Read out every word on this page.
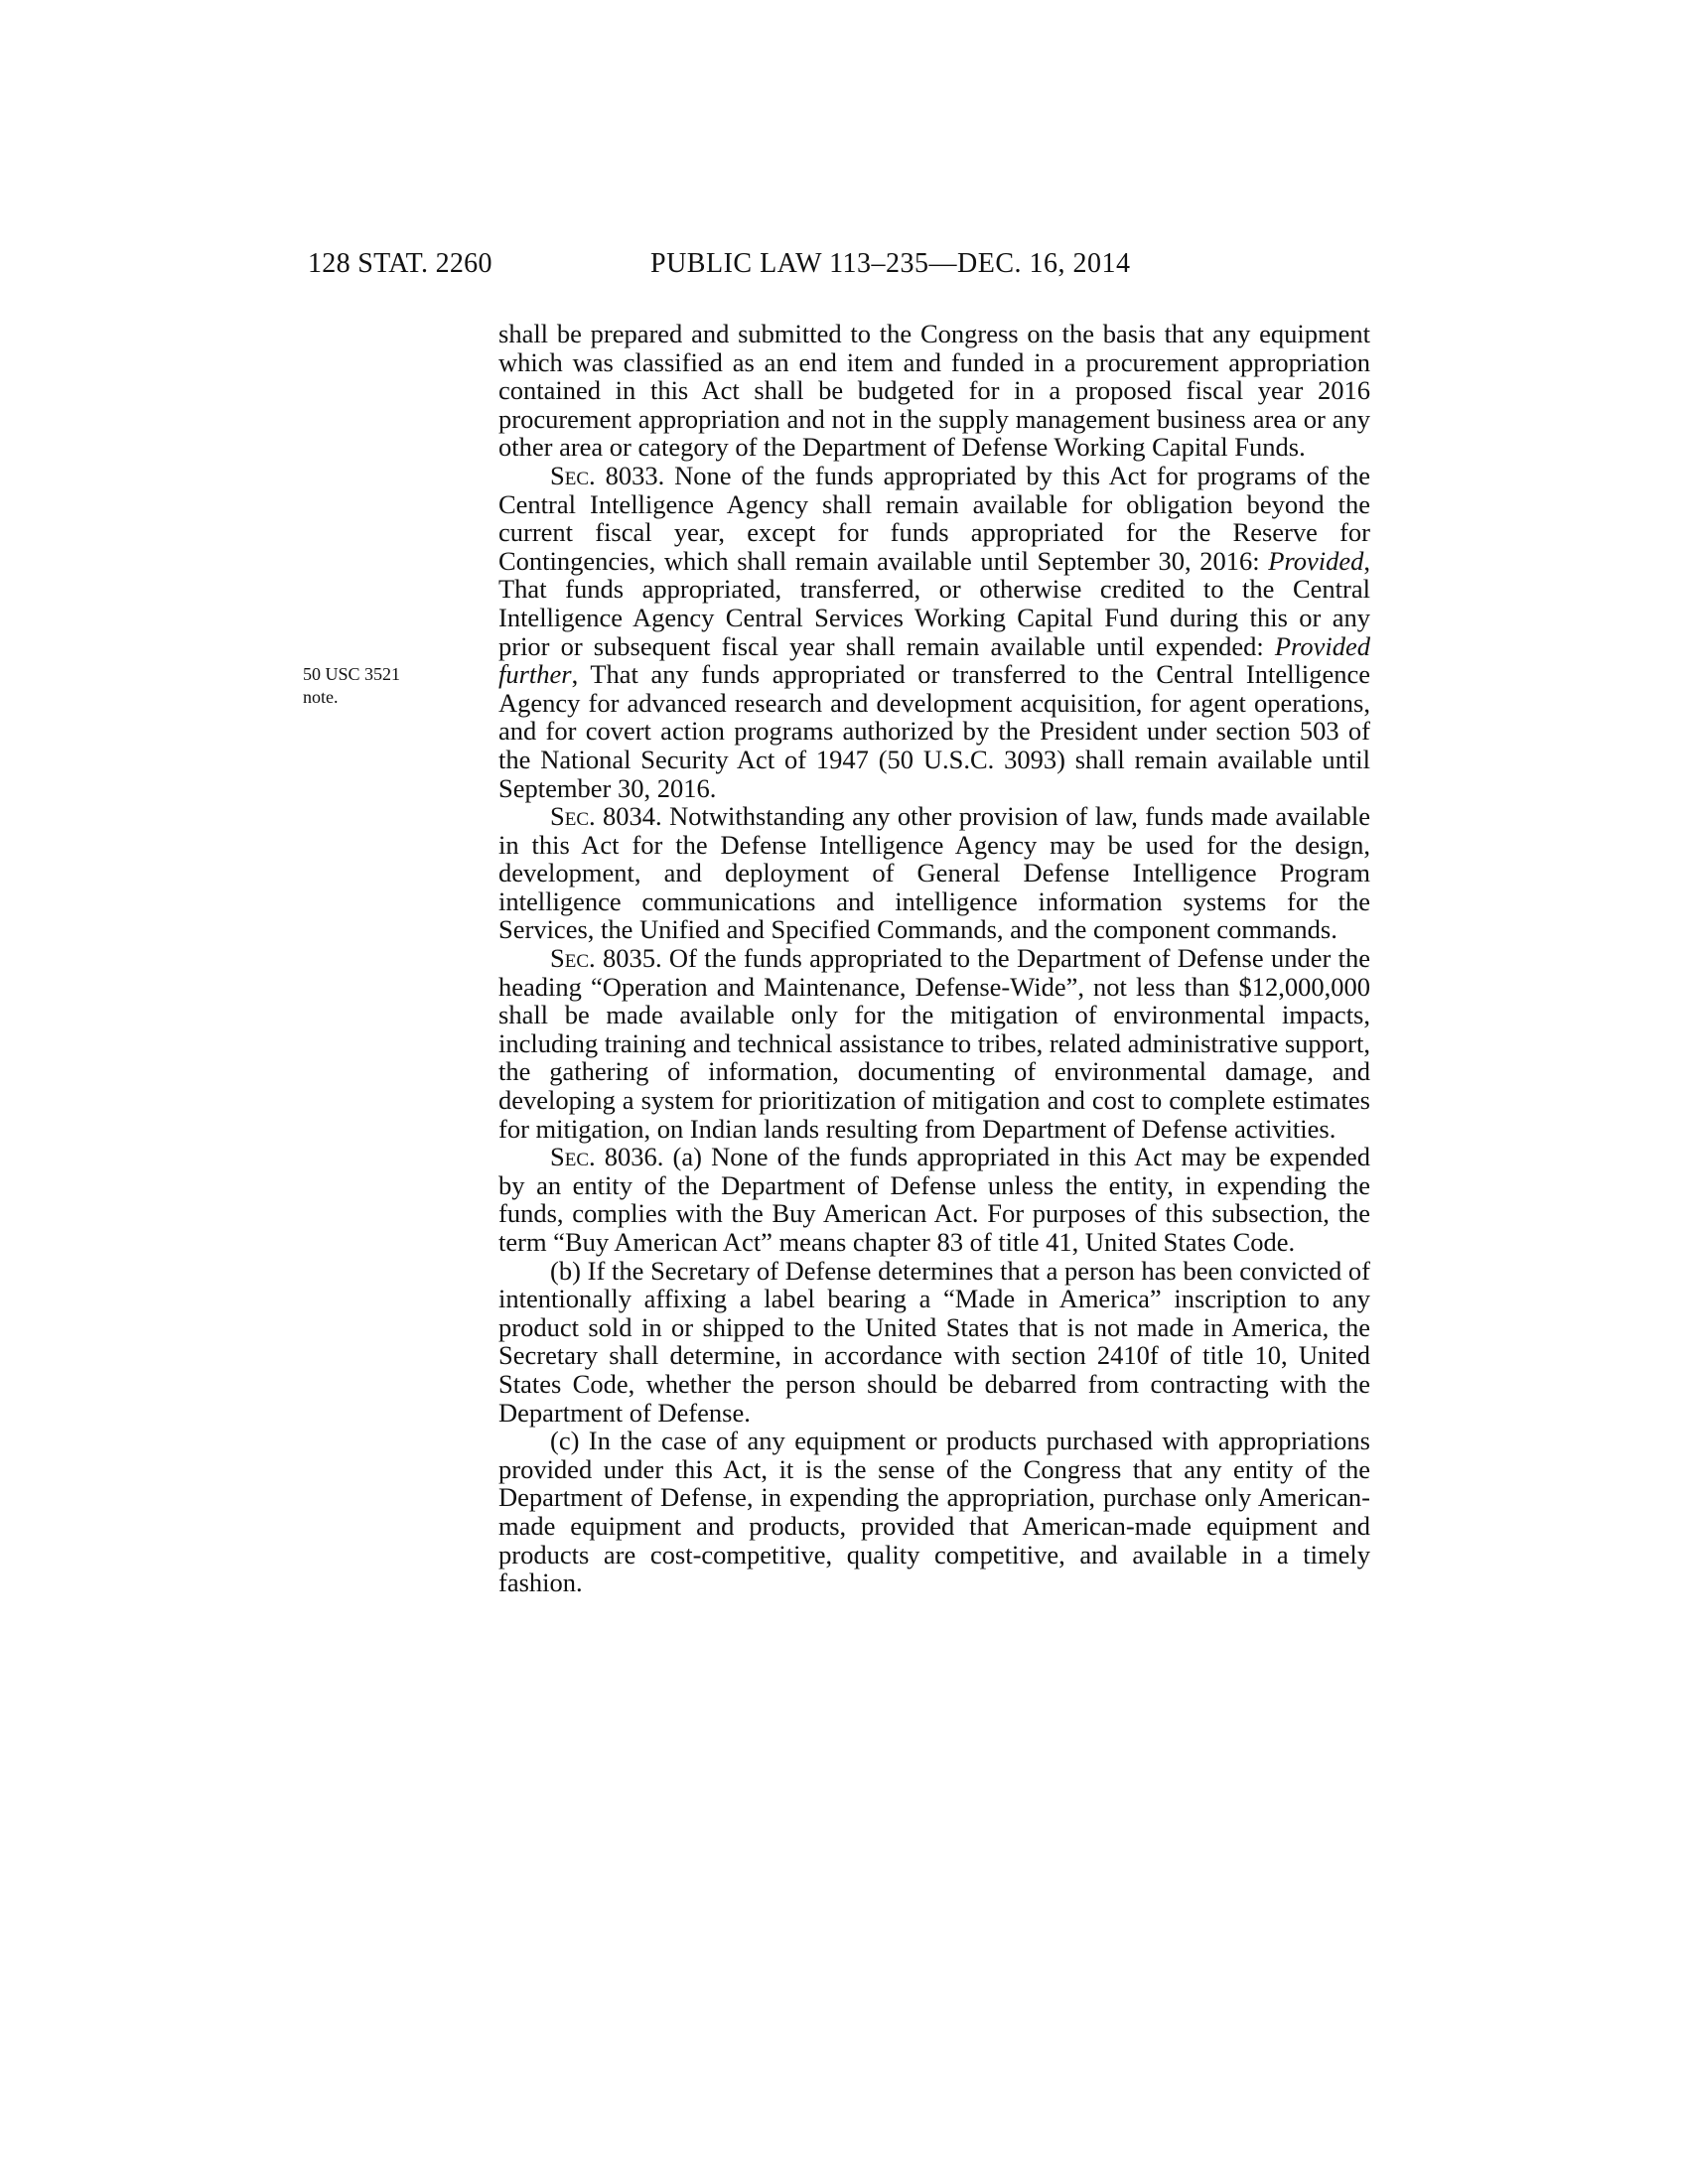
128 STAT. 2260	PUBLIC LAW 113–235—DEC. 16, 2014
50 USC 3521
note.

shall be prepared and submitted to the Congress on the basis that any equipment which was classified as an end item and funded in a procurement appropriation contained in this Act shall be budgeted for in a proposed fiscal year 2016 procurement appropriation and not in the supply management business area or any other area or category of the Department of Defense Working Capital Funds.

Sec. 8033. None of the funds appropriated by this Act for programs of the Central Intelligence Agency shall remain available for obligation beyond the current fiscal year, except for funds appropriated for the Reserve for Contingencies, which shall remain available until September 30, 2016: Provided, That funds appropriated, transferred, or otherwise credited to the Central Intelligence Agency Central Services Working Capital Fund during this or any prior or subsequent fiscal year shall remain available until expended: Provided further, That any funds appropriated or transferred to the Central Intelligence Agency for advanced research and development acquisition, for agent operations, and for covert action programs authorized by the President under section 503 of the National Security Act of 1947 (50 U.S.C. 3093) shall remain available until September 30, 2016.

Sec. 8034. Notwithstanding any other provision of law, funds made available in this Act for the Defense Intelligence Agency may be used for the design, development, and deployment of General Defense Intelligence Program intelligence communications and intelligence information systems for the Services, the Unified and Specified Commands, and the component commands.

Sec. 8035. Of the funds appropriated to the Department of Defense under the heading “Operation and Maintenance, Defense-Wide”, not less than $12,000,000 shall be made available only for the mitigation of environmental impacts, including training and technical assistance to tribes, related administrative support, the gathering of information, documenting of environmental damage, and developing a system for prioritization of mitigation and cost to complete estimates for mitigation, on Indian lands resulting from Department of Defense activities.

Sec. 8036. (a) None of the funds appropriated in this Act may be expended by an entity of the Department of Defense unless the entity, in expending the funds, complies with the Buy American Act. For purposes of this subsection, the term “Buy American Act” means chapter 83 of title 41, United States Code.

(b) If the Secretary of Defense determines that a person has been convicted of intentionally affixing a label bearing a “Made in America” inscription to any product sold in or shipped to the United States that is not made in America, the Secretary shall determine, in accordance with section 2410f of title 10, United States Code, whether the person should be debarred from contracting with the Department of Defense.

(c) In the case of any equipment or products purchased with appropriations provided under this Act, it is the sense of the Congress that any entity of the Department of Defense, in expending the appropriation, purchase only American-made equipment and products, provided that American-made equipment and products are cost-competitive, quality competitive, and available in a timely fashion.
